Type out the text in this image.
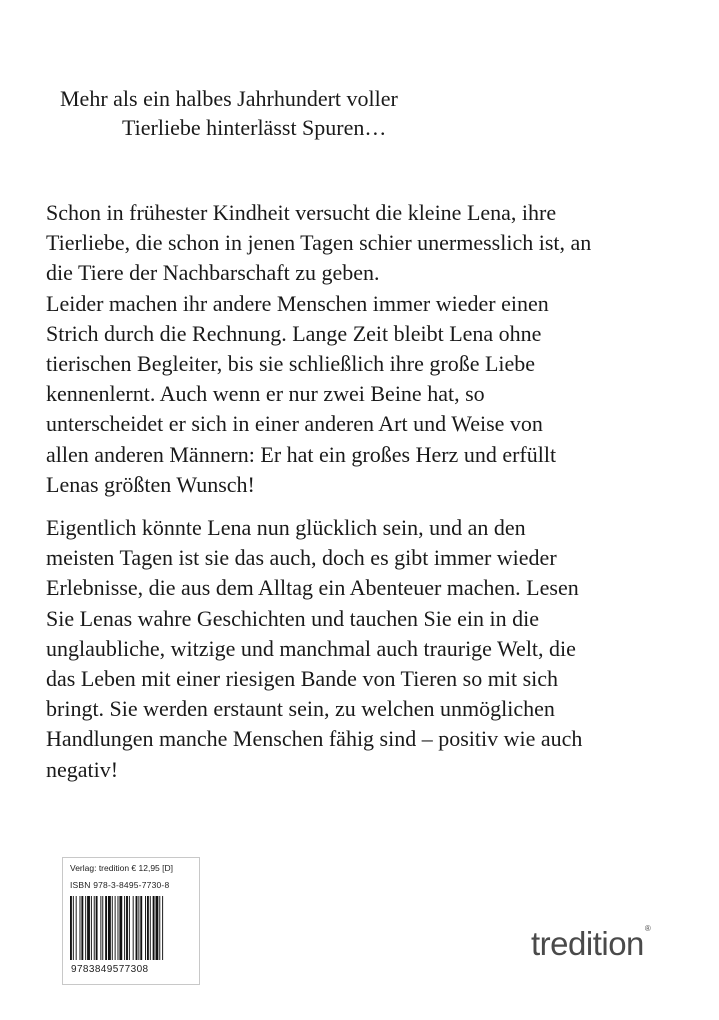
Mehr als ein halbes Jahrhundert voller
Tierliebe hinterlässt Spuren…
Schon in frühester Kindheit versucht die kleine Lena, ihre
Tierliebe, die schon in jenen Tagen schier unermesslich ist, an
die Tiere der Nachbarschaft zu geben.
Leider machen ihr andere Menschen immer wieder einen
Strich durch die Rechnung. Lange Zeit bleibt Lena ohne
tierischen Begleiter, bis sie schließlich ihre große Liebe
kennenlernt. Auch wenn er nur zwei Beine hat, so
unterscheidet er sich in einer anderen Art und Weise von
allen anderen Männern: Er hat ein großes Herz und erfüllt
Lenas größten Wunsch!
Eigentlich könnte Lena nun glücklich sein, und an den
meisten Tagen ist sie das auch, doch es gibt immer wieder
Erlebnisse, die aus dem Alltag ein Abenteuer machen. Lesen
Sie Lenas wahre Geschichten und tauchen Sie ein in die
unglaubliche, witzige und manchmal auch traurige Welt, die
das Leben mit einer riesigen Bande von Tieren so mit sich
bringt. Sie werden erstaunt sein, zu welchen unmöglichen
Handlungen manche Menschen fähig sind – positiv wie auch
negativ!
Verlag: tredition € 12,95 [D]
ISBN 978-3-8495-7730-8
9783849577308
tredition®
